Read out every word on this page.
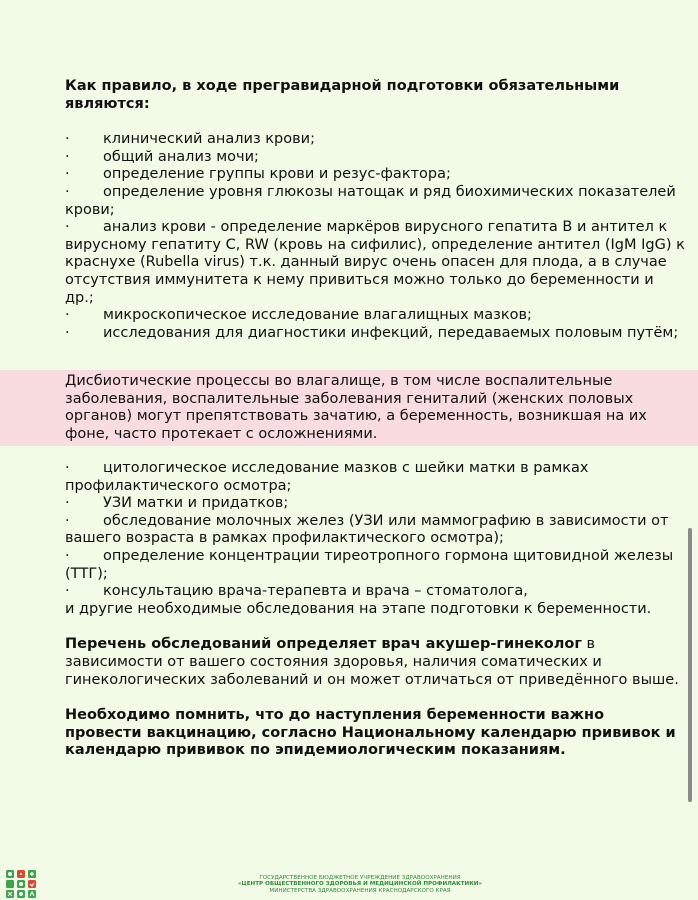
Как правило, в ходе прегравидарной подготовки обязательными являются:

· клинический анализ крови;

· общий анализ мочи;

· определение группы крови и резус-фактора;

· определение уровня глюкозы натощак и ряд биохимических показателей крови;

· анализ крови - определение маркёров вирусного гепатита В и антител к вирусному гепатиту С, RW (кровь на сифилис), определение антител (IgM IgG) к краснухе (Rubella virus) т.к. данный вирус очень опасен для плода, а в случае отсутствия иммунитета к нему привиться можно только до беременности и др.;

· микроскопическое исследование влагалищных мазков;

· исследования для диагностики инфекций, передаваемых половым путём;

Дисбиотические процессы во влагалище, в том числе воспалительные заболевания, воспалительные заболевания гениталий (женских половых органов) могут препятствовать зачатию, а беременность, возникшая на их фоне, часто протекает с осложнениями.

· цитологическое исследование мазков с шейки матки в рамках профилактического осмотра;

· УЗИ матки и придатков;

· обследование молочных желез (УЗИ или маммографию в зависимости от вашего возраста в рамках профилактического осмотра);

· определение концентрации тиреотропного гормона щитовидной железы (ТТГ);

· консультацию врача-терапевта и врача – стоматолога,

и другие необходимые обследования на этапе подготовки к беременности.

Перечень обследований определяет врач акушер-гинеколог в зависимости от вашего состояния здоровья, наличия соматических и гинекологических заболеваний и он может отличаться от приведённого выше.

Необходимо помнить, что до наступления беременности важно провести вакцинацию, согласно Национальному календарю прививок и календарю прививок по эпидемиологическим показаниям.

ГОСУДАРСТВЕННОЕ БЮДЖЕТНОЕ УЧРЕЖДЕНИЕ ЗДРАВООХРАНЕНИЯ
«ЦЕНТР ОБЩЕСТВЕННОГО ЗДОРОВЬЯ И МЕДИЦИНСКОЙ ПРОФИЛАКТИКИ»
МИНИСТЕРСТВА ЗДРАВООХРАНЕНИЯ КРАСНОДАРСКОГО КРАЯ
